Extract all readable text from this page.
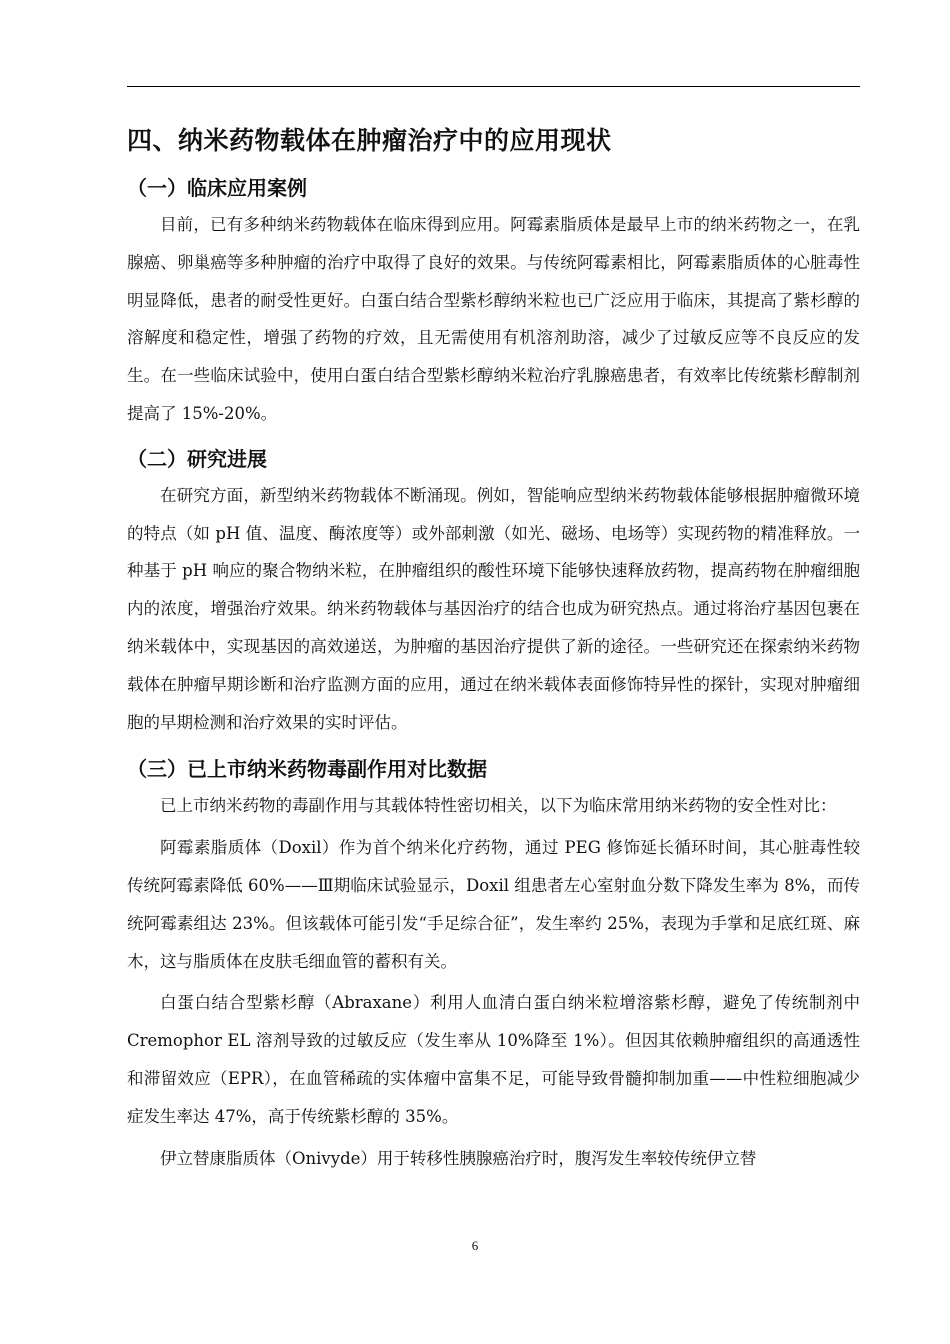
四、纳米药物载体在肿瘤治疗中的应用现状
（一）临床应用案例

目前，已有多种纳米药物载体在临床得到应用。阿霉素脂质体是最早上市的纳米药物之一，在乳腺癌、卵巢癌等多种肿瘤的治疗中取得了良好的效果。与传统阿霉素相比，阿霉素脂质体的心脏毒性明显降低，患者的耐受性更好。白蛋白结合型紫杉醇纳米粒也已广泛应用于临床，其提高了紫杉醇的溶解度和稳定性，增强了药物的疗效，且无需使用有机溶剂助溶，减少了过敏反应等不良反应的发生。在一些临床试验中，使用白蛋白结合型紫杉醇纳米粒治疗乳腺癌患者，有效率比传统紫杉醇制剂提高了 15%-20%。

（二）研究进展

在研究方面，新型纳米药物载体不断涌现。例如，智能响应型纳米药物载体能够根据肿瘤微环境的特点（如 pH 值、温度、酶浓度等）或外部刺激（如光、磁场、电场等）实现药物的精准释放。一种基于 pH 响应的聚合物纳米粒，在肿瘤组织的酸性环境下能够快速释放药物，提高药物在肿瘤细胞内的浓度，增强治疗效果。纳米药物载体与基因治疗的结合也成为研究热点。通过将治疗基因包裹在纳米载体中，实现基因的高效递送，为肿瘤的基因治疗提供了新的途径。一些研究还在探索纳米药物载体在肿瘤早期诊断和治疗监测方面的应用，通过在纳米载体表面修饰特异性的探针，实现对肿瘤细胞的早期检测和治疗效果的实时评估。

（三）已上市纳米药物毒副作用对比数据

已上市纳米药物的毒副作用与其载体特性密切相关，以下为临床常用纳米药物的安全性对比：

阿霉素脂质体（Doxil）作为首个纳米化疗药物，通过 PEG 修饰延长循环时间，其心脏毒性较传统阿霉素降低 60%——Ⅲ期临床试验显示，Doxil 组患者左心室射血分数下降发生率为 8%，而传统阿霉素组达 23%。但该载体可能引发“手足综合征”，发生率约 25%，表现为手掌和足底红斑、麻木，这与脂质体在皮肤毛细血管的蓄积有关。

白蛋白结合型紫杉醇（Abraxane）利用人血清白蛋白纳米粒增溶紫杉醇，避免了传统制剂中 Cremophor EL 溶剂导致的过敏反应（发生率从 10%降至 1%）。但因其依赖肿瘤组织的高通透性和滞留效应（EPR），在血管稀疏的实体瘤中富集不足，可能导致骨髓抑制加重——中性粒细胞减少症发生率达 47%，高于传统紫杉醇的 35%。

伊立替康脂质体（Onivyde）用于转移性胰腺癌治疗时，腹泻发生率较传统伊立替

6
